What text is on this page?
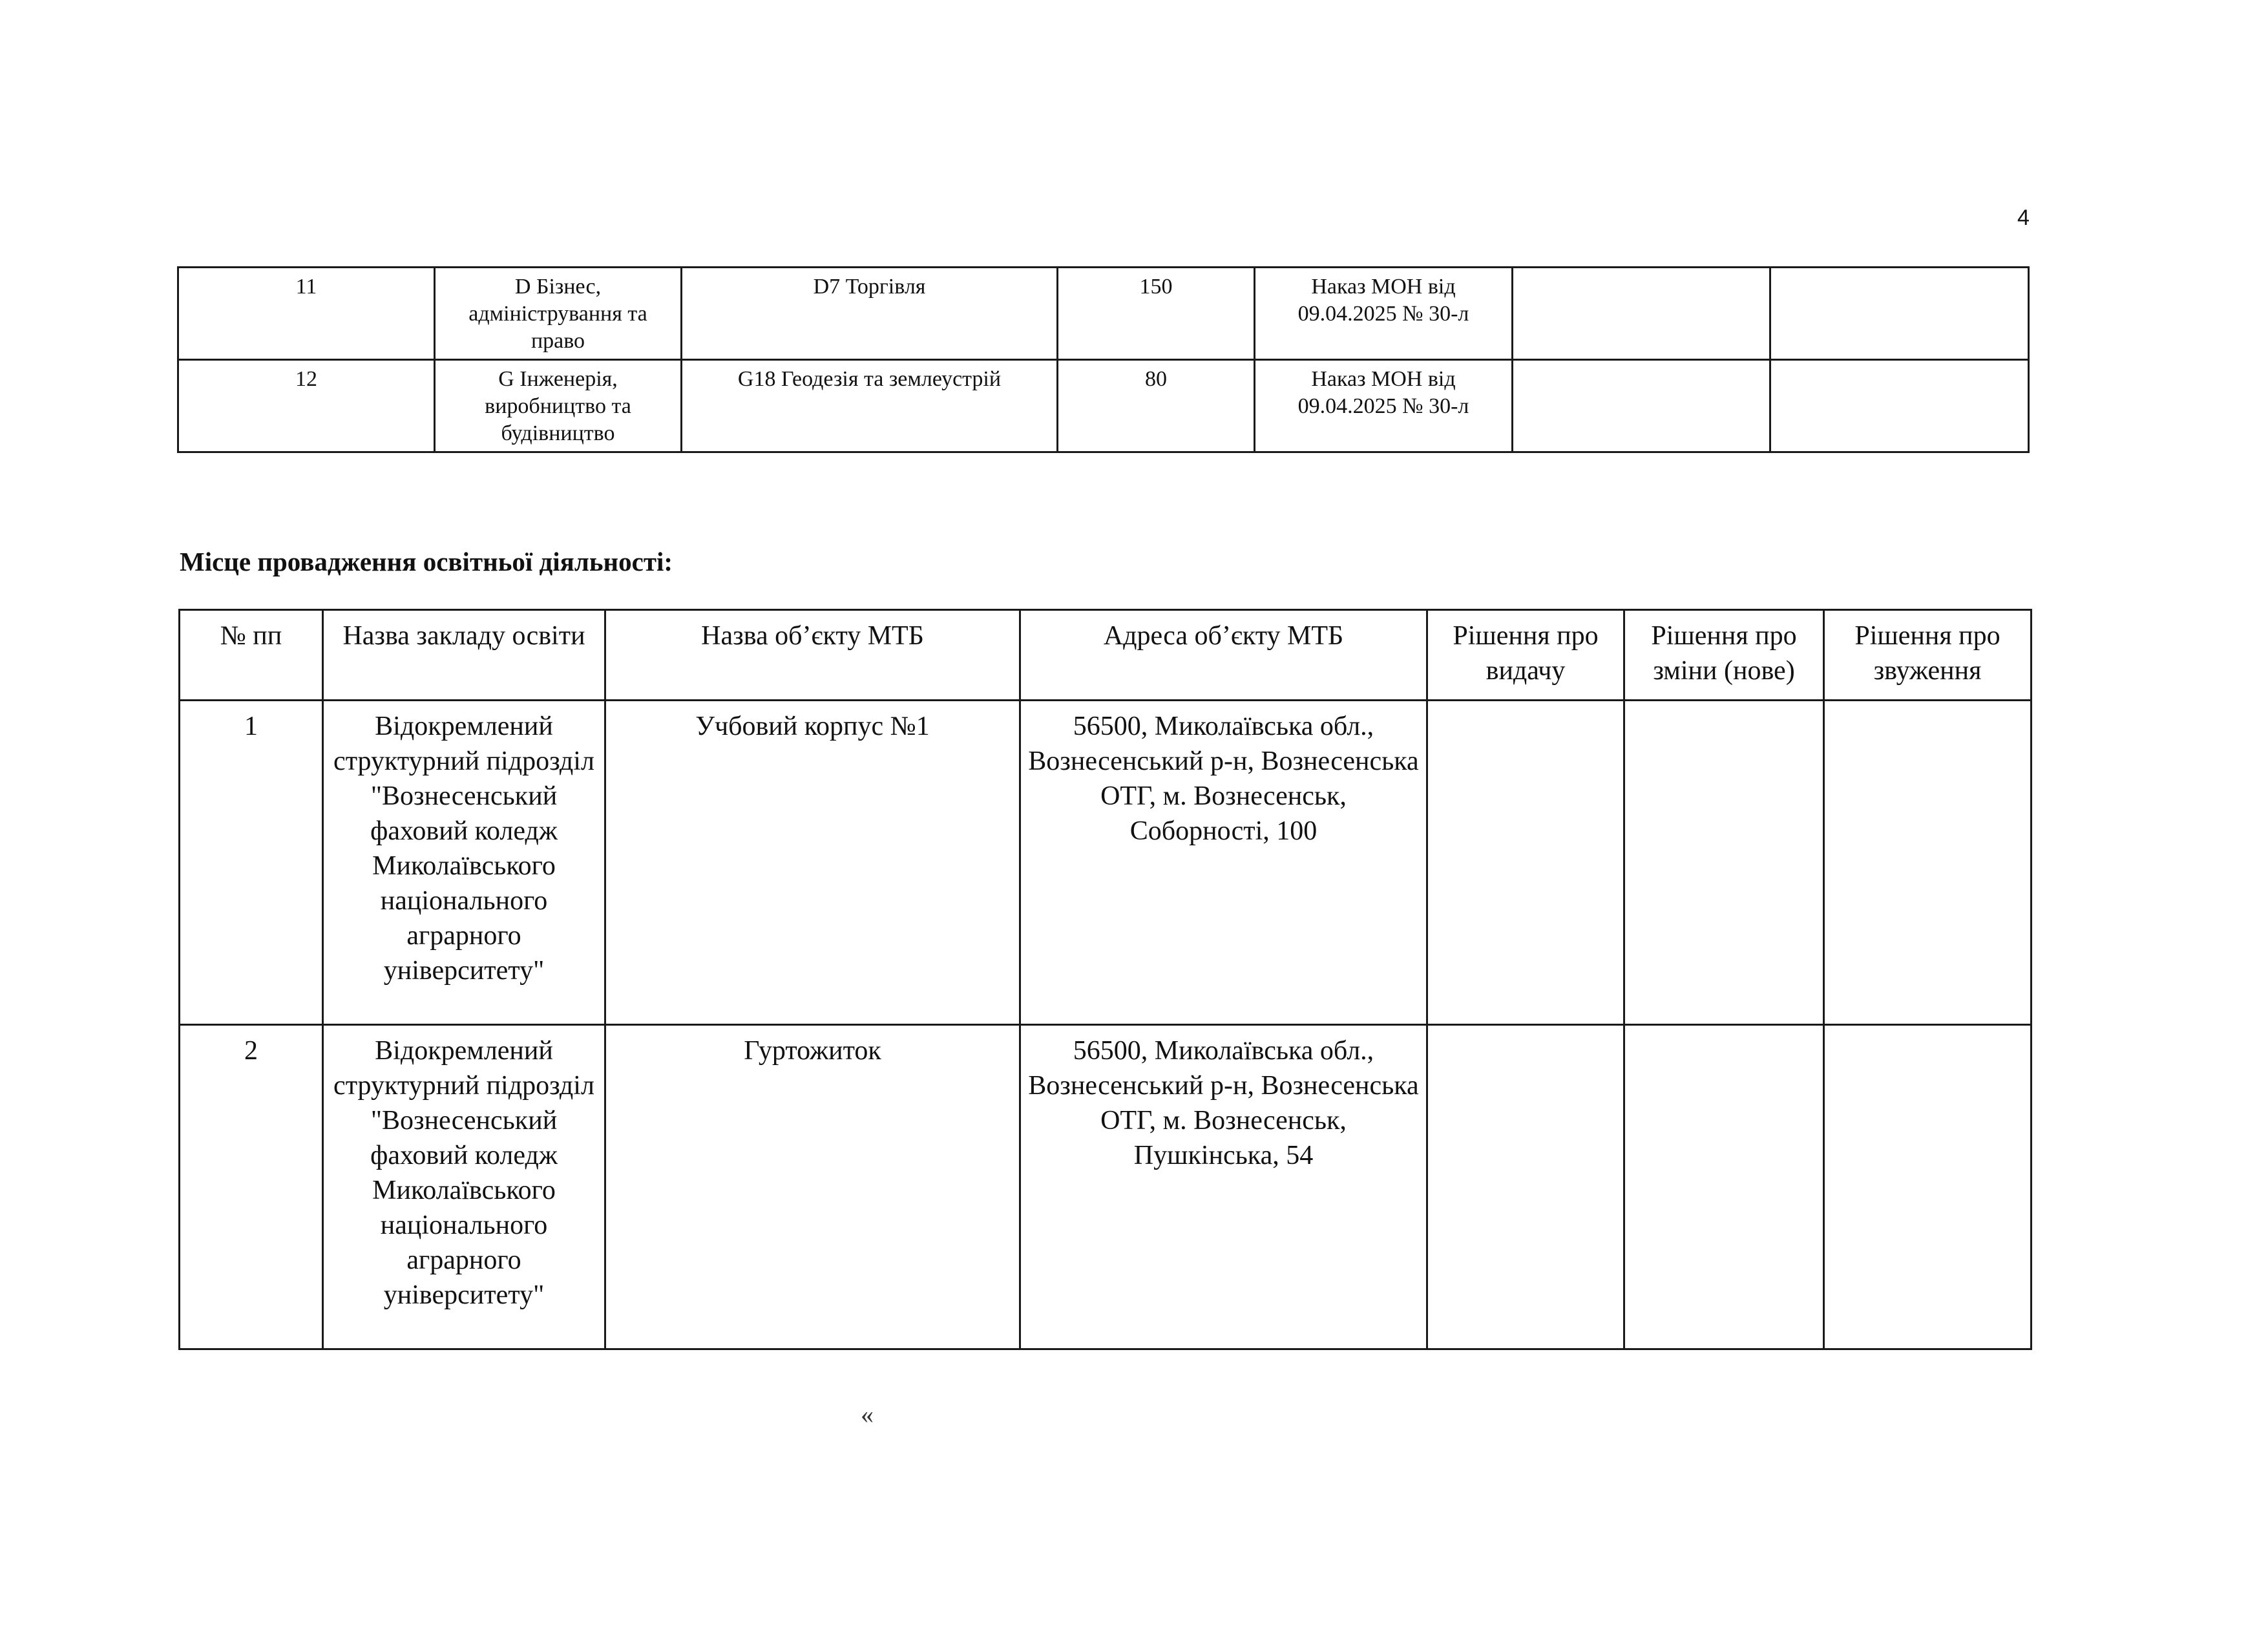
4
11	D Бізнес, адміністрування та право	D7 Торгівля	150	Наказ МОН від 09.04.2025 № 30-л		
12	G Інженерія, виробництво та будівництво	G18 Геодезія та землеустрій	80	Наказ МОН від 09.04.2025 № 30-л		
Місце провадження освітньої діяльності:
№ пп	Назва закладу освіти	Назва об’єкту МТБ	Адреса об’єкту МТБ	Рішення про видачу	Рішення про зміни (нове)	Рішення про звуження
1	Відокремлений структурний підрозділ "Вознесенський фаховий коледж Миколаївського національного аграрного університету"	Учбовий корпус №1	56500, Миколаївська обл., Вознесенський р-н, Вознесенська ОТГ, м. Вознесенськ, Соборності, 100			
2	Відокремлений структурний підрозділ "Вознесенський фаховий коледж Миколаївського національного аграрного університету"	Гуртожиток	56500, Миколаївська обл., Вознесенський р-н, Вознесенська ОТГ, м. Вознесенськ, Пушкінська, 54			
«
